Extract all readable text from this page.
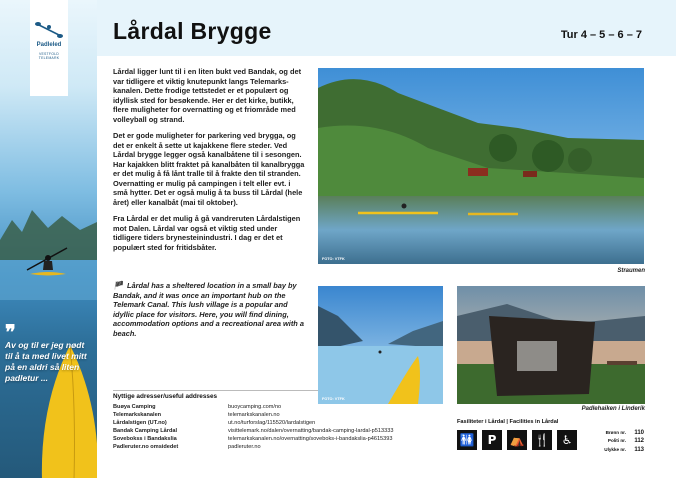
Padleled
VESTFOLD TELEMARK
❞
Av og til er jeg nødt til å ta med livet mitt på en aldri så liten padletur ...
Lårdal Brygge	Tur 4 – 5 – 6 – 7

Lårdal ligger lunt til i en liten bukt ved Bandak, og det var tidligere et viktig knutepunkt langs Telemarks-kanalen. Dette frodige tettstedet er et populært og idyllisk sted for besøkende. Her er det kirke, butikk, flere muligheter for overnatting og et friområde med volleyball og strand.

Det er gode muligheter for parkering ved brygga, og det er enkelt å sette ut kajakkene flere steder. Ved Lårdal brygge legger også kanalbåtene til i sesongen. Har kajakken blitt fraktet på kanalbåten til kanalbrygga er det mulig å få lånt tralle til å frakte den til stranden. Overnatting er mulig på campingen i telt eller evt. i små hytter. Det er også mulig å ta buss til Lårdal (hele året) eller kanalbåt (mai til oktober).

Fra Lårdal er det mulig å gå vandreruten Lårdalstigen mot Dalen. Lårdal var også et viktig sted under tidligere tiders brynesteinindustri. I dag er det et populært sted for fritidsbåter.

🏴 Lårdal has a sheltered location in a small bay by Bandak, and it was once an important hub on the Telemark Canal. This lush village is a popular and idyllic place for visitors. Here, you will find dining, accommodation options and a recreational area with a beach.
Nyttige adresser/useful addresses
Buøya Camping	buoycamping.com/no
Telemarkskanalen	telemarkskanalen.no
Lårdalstigen (UT.no)	ut.no/turforslag/115520/lardalstigen
Bandak Camping Lårdal	visittelemark.no/dalen/overnatting/bandak-camping-lardal-p513333
Sovebokss i Bandakslia	telemarkskanalen.no/overnatting/soveboks-i-bandakslia-p4615393
Padleruter.no omsidedet	padleruter.no
FOTO: VTFK
Straumen
FOTO: VTFK
Padlehaiken i Linderik
Fasiliteter i Lårdal | Facilities in Lårdal
🚻	P	⛺ 🍴	♿
Brønn nr.	110
Politi nr.	112
Ulykke nr.	113
